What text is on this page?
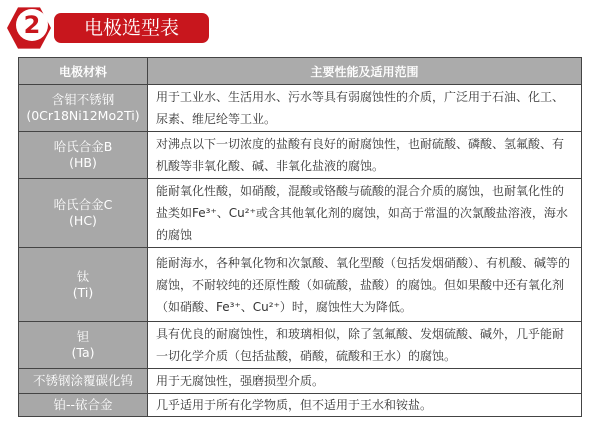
2	电极选型表
电极材料	主要性能及适用范围

含钼不锈钢
(0Cr18Ni12Mo2Ti)	用于工业水、生活用水、污水等具有弱腐蚀性的介质，广泛用于石油、化工、尿素、维尼纶等工业。

哈氏合金B
(HB)	对沸点以下一切浓度的盐酸有良好的耐腐蚀性，也耐硫酸、磷酸、氢氟酸、有机酸等非氧化酸、碱、非氧化盐液的腐蚀。

哈氏合金C
(HC)	能耐氧化性酸，如硝酸，混酸或铬酸与硫酸的混合介质的腐蚀，也耐氧化性的盐类如Fe³⁺、Cu²⁺或含其他氧化剂的腐蚀，如高于常温的次氯酸盐溶液，海水的腐蚀

钛
(Ti)	能耐海水，各种氧化物和次氯酸、氧化型酸（包括发烟硝酸）、有机酸、碱等的腐蚀，不耐较纯的还原性酸（如硫酸，盐酸）的腐蚀。但如果酸中还有氧化剂（如硝酸、Fe³⁺、Cu²⁺）时，腐蚀性大为降低。

钽
(Ta)	具有优良的耐腐蚀性，和玻璃相似，除了氢氟酸、发烟硫酸、碱外，几乎能耐一切化学介质（包括盐酸，硝酸，硫酸和王水）的腐蚀。

不锈钢涂覆碳化钨	用于无腐蚀性，强磨损型介质。

铂--铱合金	几乎适用于所有化学物质，但不适用于王水和铵盐。
